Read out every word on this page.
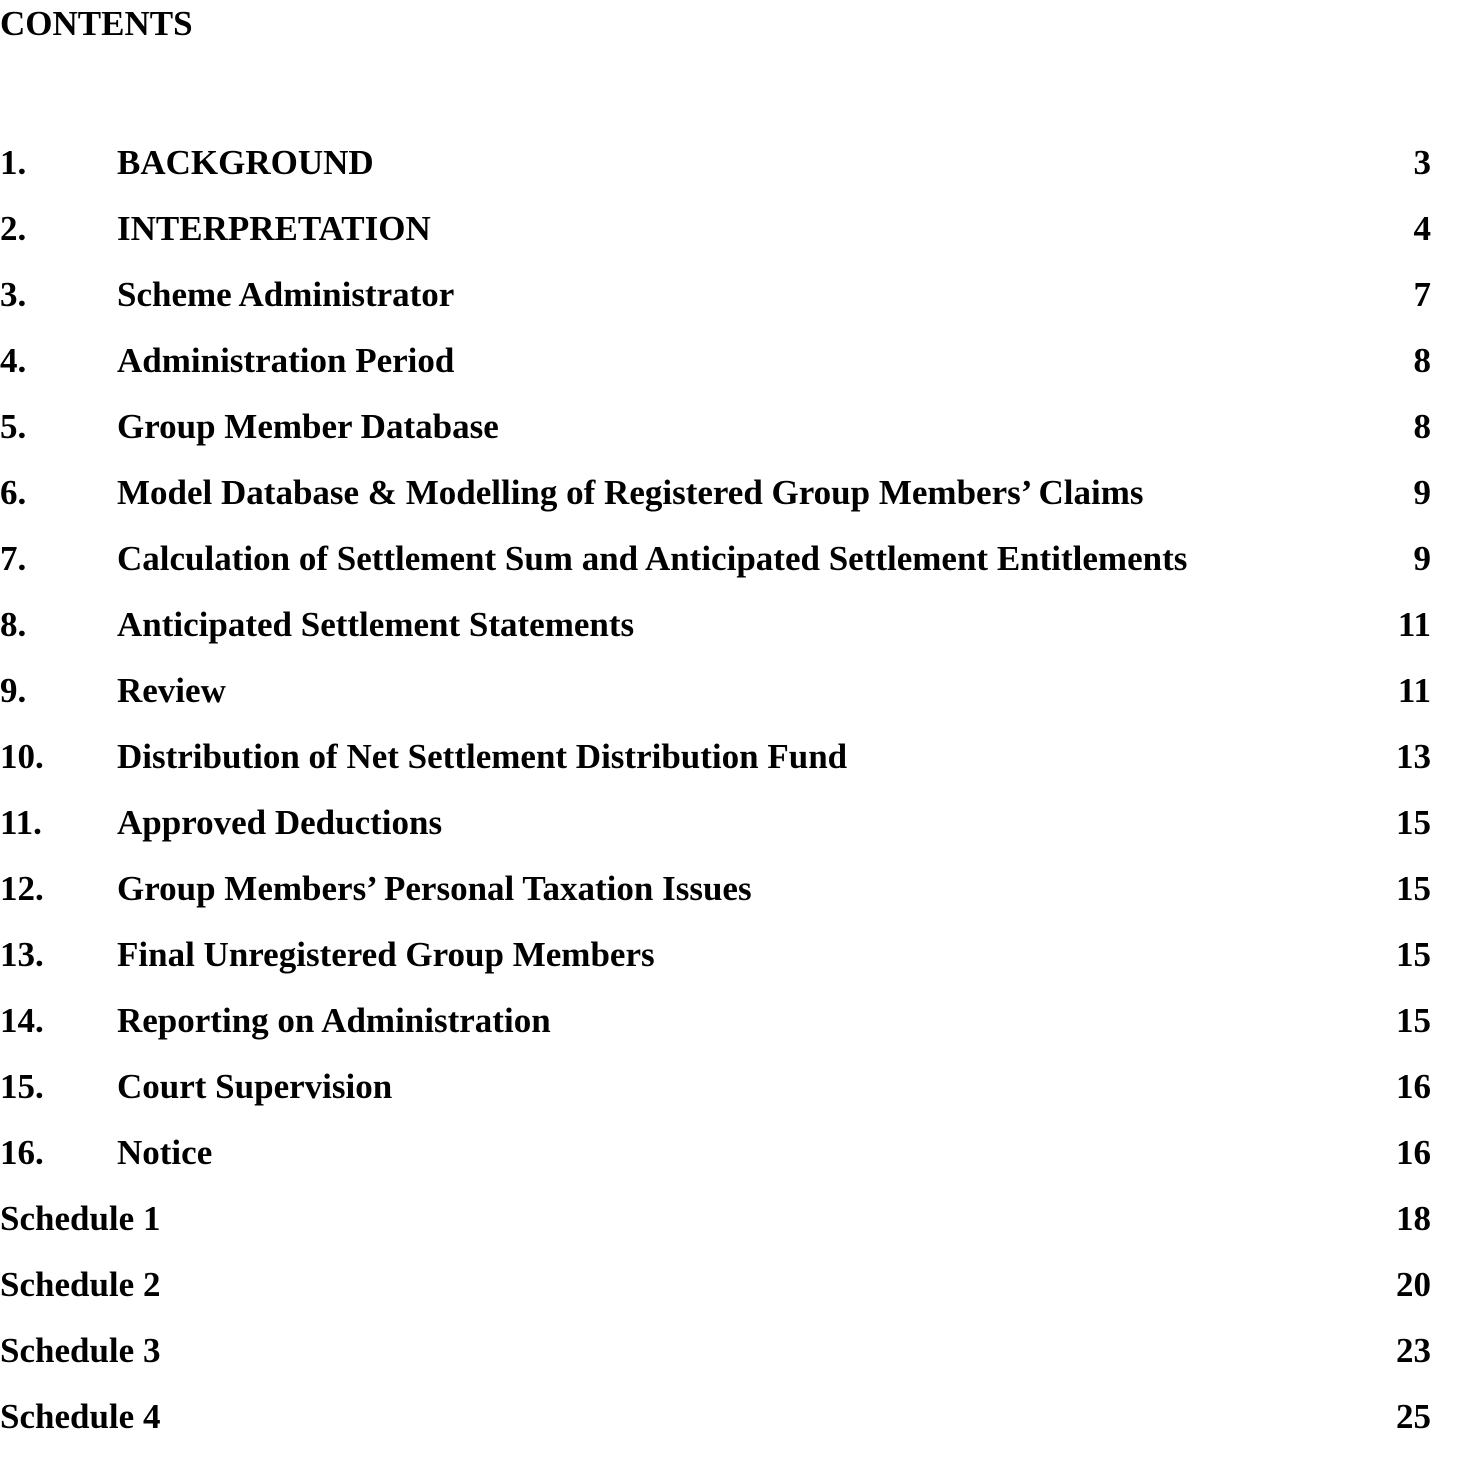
CONTENTS
1.	BACKGROUND	3
2.	INTERPRETATION	4
3.	Scheme Administrator	7
4.	Administration Period	8
5.	Group Member Database	8
6.	Model Database & Modelling of Registered Group Members’ Claims	9
7.	Calculation of Settlement Sum and Anticipated Settlement Entitlements	9
8.	Anticipated Settlement Statements	11
9.	Review	11
10. Distribution of Net Settlement Distribution Fund	13
11. Approved Deductions	15
12. Group Members’ Personal Taxation Issues	15
13. Final Unregistered Group Members	15
14. Reporting on Administration	15
15. Court Supervision	16
16. Notice	16
Schedule 1	18
Schedule 2	20
Schedule 3	23
Schedule 4	25
